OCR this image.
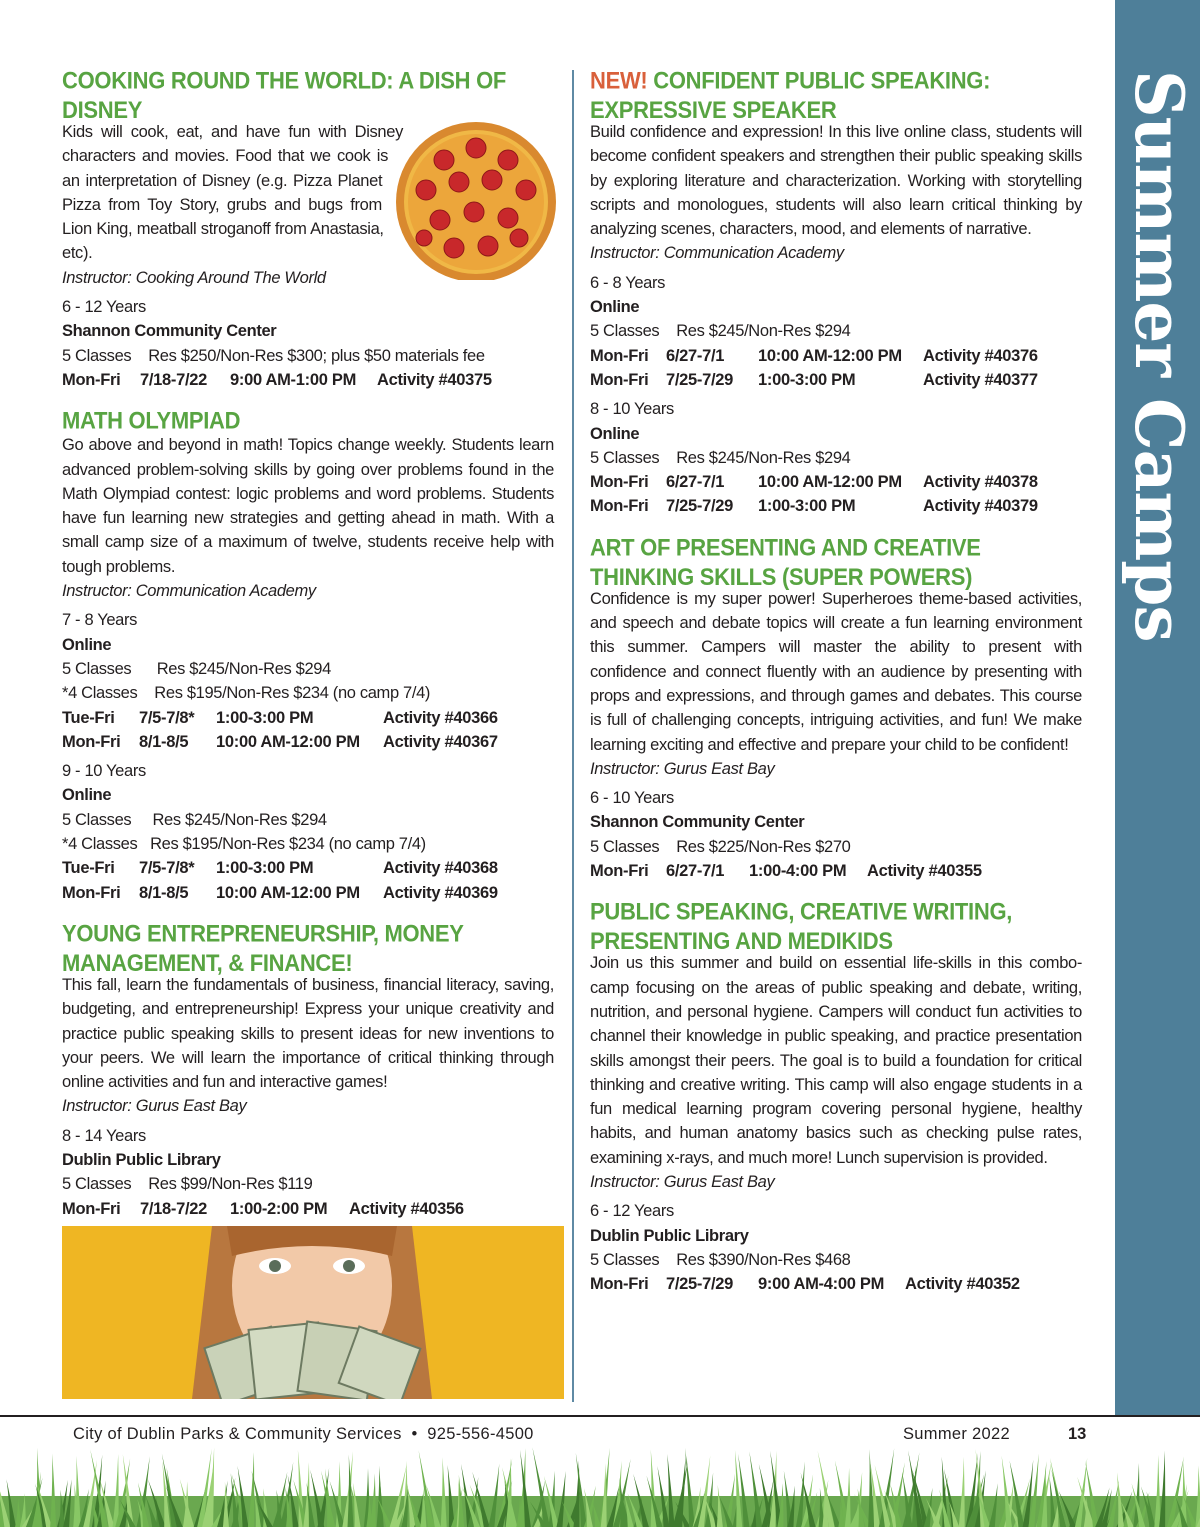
Summer Camps
COOKING ROUND THE WORLD: A DISH OF DISNEY

Kids will cook, eat, and have fun with Disney characters and movies. Food that we cook is an interpretation of Disney (e.g. Pizza Planet Pizza from Toy Story, grubs and bugs from Lion King, meatball stroganoff from Anastasia, etc).

Instructor: Cooking Around The World

6 - 12 Years
Shannon Community Center
5 Classes    Res $250/Non-Res $300; plus $50 materials fee
Mon-Fri	7/18-7/22	9:00 AM-1:00 PM	Activity #40375
MATH OLYMPIAD

Go above and beyond in math! Topics change weekly. Students learn advanced problem-solving skills by going over problems found in the Math Olympiad contest: logic problems and word problems. Students have fun learning new strategies and getting ahead in math. With a small camp size of a maximum of twelve, students receive help with tough problems.

Instructor: Communication Academy

7 - 8 Years
Online
5 Classes      Res $245/Non-Res $294
*4 Classes    Res $195/Non-Res $234 (no camp 7/4)
Tue-Fri	7/5-7/8*	1:00-3:00 PM	Activity #40366
Mon-Fri	8/1-8/5	10:00 AM-12:00 PM	Activity #40367
9 - 10 Years
Online
5 Classes     Res $245/Non-Res $294
*4 Classes   Res $195/Non-Res $234 (no camp 7/4)
Tue-Fri	7/5-7/8*	1:00-3:00 PM	Activity #40368
Mon-Fri	8/1-8/5	10:00 AM-12:00 PM	Activity #40369
YOUNG ENTREPRENEURSHIP, MONEY MANAGEMENT, & FINANCE!

This fall, learn the fundamentals of business, financial literacy, saving, budgeting, and entrepreneurship! Express your unique creativity and practice public speaking skills to present ideas for new inventions to your peers. We will learn the importance of critical thinking through online activities and fun and interactive games!

Instructor: Gurus East Bay

8 - 14 Years
Dublin Public Library
5 Classes    Res $99/Non-Res $119
Mon-Fri	7/18-7/22	1:00-2:00 PM	Activity #40356
NEW! CONFIDENT PUBLIC SPEAKING: EXPRESSIVE SPEAKER

Build confidence and expression! In this live online class, students will become confident speakers and strengthen their public speaking skills by exploring literature and characterization. Working with storytelling scripts and monologues, students will also learn critical thinking by analyzing scenes, characters, mood, and elements of narrative.

Instructor: Communication Academy

6 - 8 Years
Online
5 Classes    Res $245/Non-Res $294
Mon-Fri	6/27-7/1	10:00 AM-12:00 PM	Activity #40376
Mon-Fri	7/25-7/29	1:00-3:00 PM	Activity #40377
8 - 10 Years
Online
5 Classes    Res $245/Non-Res $294
Mon-Fri	6/27-7/1	10:00 AM-12:00 PM	Activity #40378
Mon-Fri	7/25-7/29	1:00-3:00 PM	Activity #40379
ART OF PRESENTING AND CREATIVE THINKING SKILLS (SUPER POWERS)

Confidence is my super power! Superheroes theme-based activities, and speech and debate topics will create a fun learning environment this summer. Campers will master the ability to present with confidence and connect fluently with an audience by presenting with props and expressions, and through games and debates. This course is full of challenging concepts, intriguing activities, and fun! We make learning exciting and effective and prepare your child to be confident!

Instructor: Gurus East Bay

6 - 10 Years
Shannon Community Center
5 Classes    Res $225/Non-Res $270
Mon-Fri	6/27-7/1	1:00-4:00 PM	Activity #40355
PUBLIC SPEAKING, CREATIVE WRITING, PRESENTING AND MEDIKIDS

Join us this summer and build on essential life-skills in this combo-camp focusing on the areas of public speaking and debate, writing, nutrition, and personal hygiene. Campers will conduct fun activities to channel their knowledge in public speaking, and practice presentation skills amongst their peers. The goal is to build a foundation for critical thinking and creative writing. This camp will also engage students in a fun medical learning program covering personal hygiene, healthy habits, and human anatomy basics such as checking pulse rates, examining x-rays, and much more! Lunch supervision is provided.

Instructor: Gurus East Bay

6 - 12 Years
Dublin Public Library
5 Classes    Res $390/Non-Res $468
Mon-Fri	7/25-7/29	9:00 AM-4:00 PM	Activity #40352
City of Dublin Parks & Community Services • 925-556-4500	Summer 2022	13
